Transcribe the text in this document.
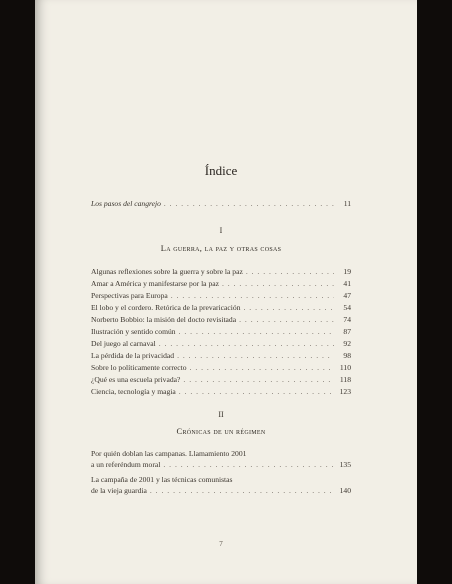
Índice
Los pasos del cangrejo . . .	11
I
La guerra, la paz y otras cosas
Algunas reflexiones sobre la guerra y sobre la paz . . .	19
Amar a América y manifestarse por la paz . . .	41
Perspectivas para Europa . . .	47
El lobo y el cordero. Retórica de la prevaricación . . .	54
Norberto Bobbio: la misión del docto revisitada . . .	74
Ilustración y sentido común . . .	87
Del juego al carnaval . . .	92
La pérdida de la privacidad . . .	98
Sobre lo políticamente correcto . . .	110
¿Qué es una escuela privada? . . .	118
Ciencia, tecnología y magia . . .	123
II
Crónicas de un régimen
Por quién doblan las campanas. Llamamiento 2001
a un referéndum moral . . .	135
La campaña de 2001 y las técnicas comunistas
de la vieja guardia . . .	140
7
